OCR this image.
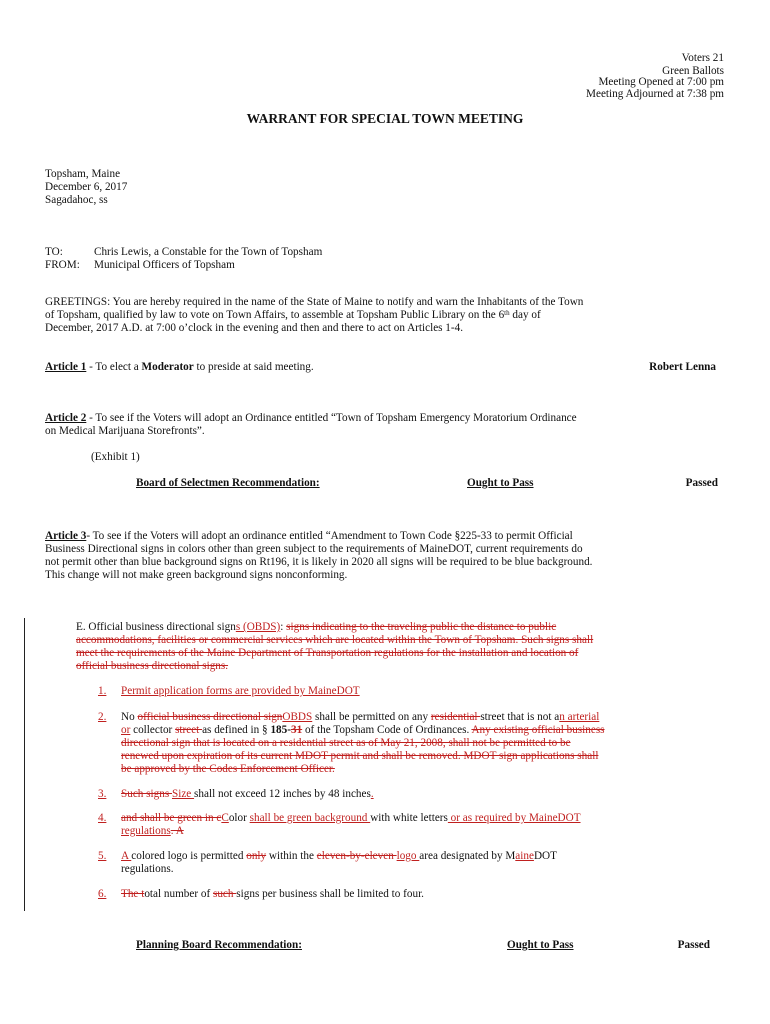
Voters 21
Green Ballots
Meeting Opened at 7:00 pm
Meeting Adjourned at 7:38 pm
WARRANT FOR SPECIAL TOWN MEETING
Topsham, Maine
December 6, 2017
Sagadahoc, ss
TO:	Chris Lewis, a Constable for the Town of Topsham
FROM: Municipal Officers of Topsham
GREETINGS: You are hereby required in the name of the State of Maine to notify and warn the Inhabitants of the Town
of Topsham, qualified by law to vote on Town Affairs, to assemble at Topsham Public Library on the 6th day of
December, 2017 A.D. at 7:00 o’clock in the evening and then and there to act on Articles 1-4.
Article 1 - To elect a Moderator to preside at said meeting.	Robert Lenna
Article 2 - To see if the Voters will adopt an Ordinance entitled “Town of Topsham Emergency Moratorium Ordinance
on Medical Marijuana Storefronts”.
(Exhibit 1)
Board of Selectmen Recommendation:	Ought to Pass	Passed
Article 3- To see if the Voters will adopt an ordinance entitled “Amendment to Town Code §225-33 to permit Official
Business Directional signs in colors other than green subject to the requirements of MaineDOT, current requirements do
not permit other than blue background signs on Rt196, it is likely in 2020 all signs will be required to be blue background.
This change will not make green background signs nonconforming.
E. Official business directional signs (OBDS): signs indicating to the traveling public the distance to public
accommodations, facilities or commercial services which are located within the Town of Topsham. Such signs shall
meet the requirements of the Maine Department of Transportation regulations for the installation and location of
official business directional signs.
1. Permit application forms are provided by MaineDOT
2. No official business directional signOBDS shall be permitted on any residential street that is not an arterial
or collector street as defined in § 185-31 of the Topsham Code of Ordinances. Any existing official business
directional sign that is located on a residential street as of May 21, 2008, shall not be permitted to be
renewed upon expiration of its current MDOT permit and shall be removed. MDOT sign applications shall
be approved by the Codes Enforcement Officer.
3. Such signs Size shall not exceed 12 inches by 48 inches.
4. and shall be green in cColor shall be green background with white letters or as required by MaineDOT
regulations. A
5. A colored logo is permitted only within the eleven-by-eleven logo area designated by MaineDOT
regulations.
6. The total number of such signs per business shall be limited to four.
Planning Board Recommendation:	Ought to Pass	Passed
